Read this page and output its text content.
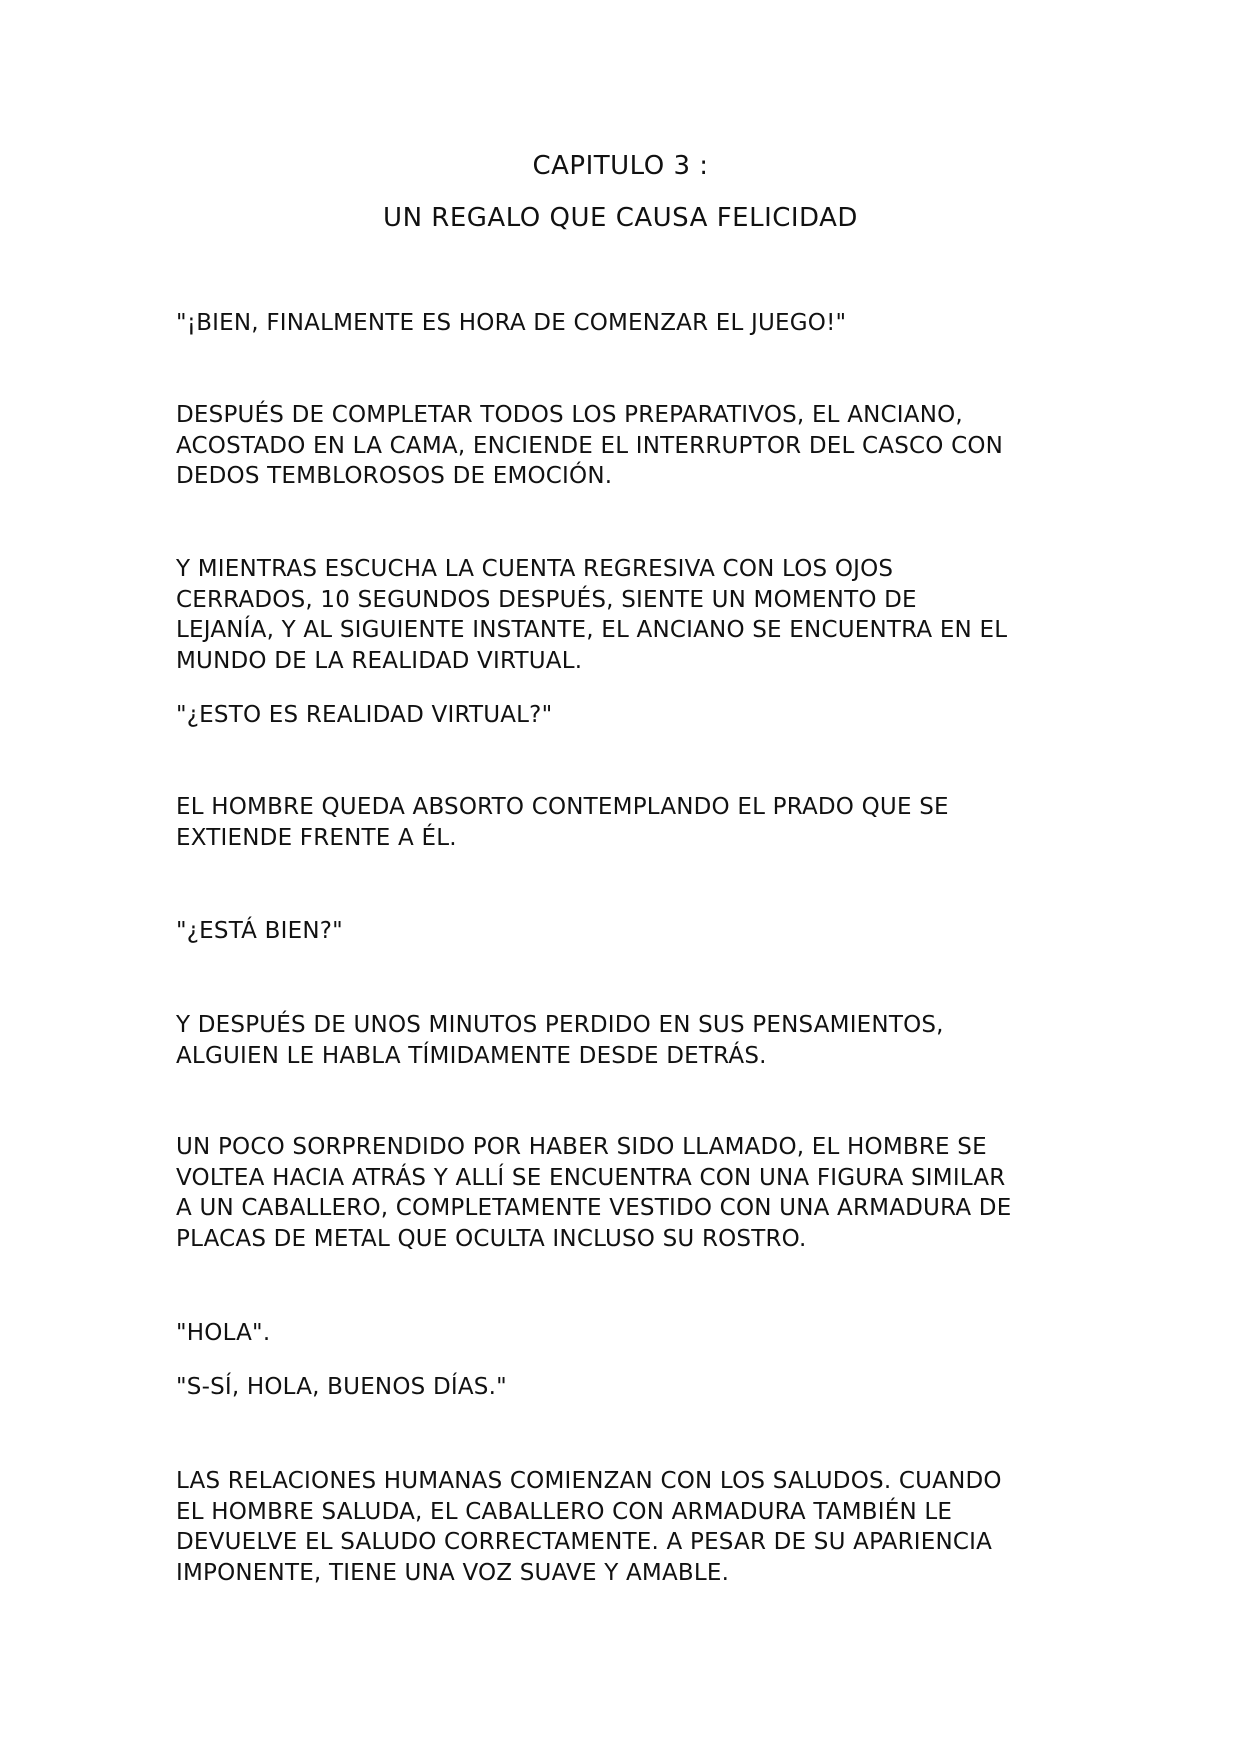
CAPITULO 3 :
UN REGALO QUE CAUSA FELICIDAD
"¡BIEN, FINALMENTE ES HORA DE COMENZAR EL JUEGO!"
DESPUÉS DE COMPLETAR TODOS LOS PREPARATIVOS, EL ANCIANO,
ACOSTADO EN LA CAMA, ENCIENDE EL INTERRUPTOR DEL CASCO CON
DEDOS TEMBLOROSOS DE EMOCIÓN.
Y MIENTRAS ESCUCHA LA CUENTA REGRESIVA CON LOS OJOS
CERRADOS, 10 SEGUNDOS DESPUÉS, SIENTE UN MOMENTO DE
LEJANÍA, Y AL SIGUIENTE INSTANTE, EL ANCIANO SE ENCUENTRA EN EL
MUNDO DE LA REALIDAD VIRTUAL.
"¿ESTO ES REALIDAD VIRTUAL?"
EL HOMBRE QUEDA ABSORTO CONTEMPLANDO EL PRADO QUE SE
EXTIENDE FRENTE A ÉL.
"¿ESTÁ BIEN?"
Y DESPUÉS DE UNOS MINUTOS PERDIDO EN SUS PENSAMIENTOS,
ALGUIEN LE HABLA TÍMIDAMENTE DESDE DETRÁS.
UN POCO SORPRENDIDO POR HABER SIDO LLAMADO, EL HOMBRE SE
VOLTEA HACIA ATRÁS Y ALLÍ SE ENCUENTRA CON UNA FIGURA SIMILAR
A UN CABALLERO, COMPLETAMENTE VESTIDO CON UNA ARMADURA DE
PLACAS DE METAL QUE OCULTA INCLUSO SU ROSTRO.
"HOLA".
"S-SÍ, HOLA, BUENOS DÍAS."
LAS RELACIONES HUMANAS COMIENZAN CON LOS SALUDOS. CUANDO
EL HOMBRE SALUDA, EL CABALLERO CON ARMADURA TAMBIÉN LE
DEVUELVE EL SALUDO CORRECTAMENTE. A PESAR DE SU APARIENCIA
IMPONENTE, TIENE UNA VOZ SUAVE Y AMABLE.
